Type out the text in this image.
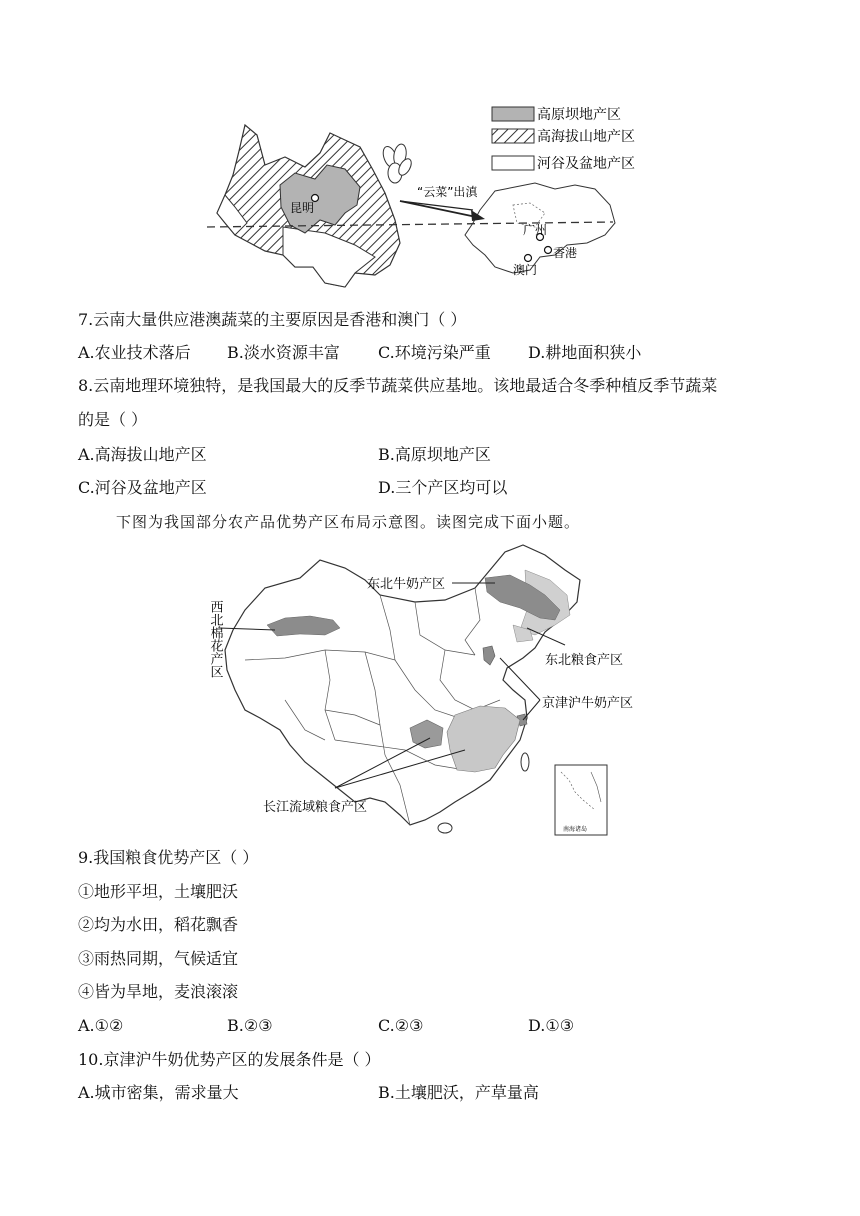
昆明
广州
香港
澳门
“云菜”出滇
高原坝地产区
高海拔山地产区
河谷及盆地产区
7.云南大量供应港澳蔬菜的主要原因是香港和澳门（ ）
A.农业技术落后 B.淡水资源丰富 C.环境污染严重 D.耕地面积狭小
8.云南地理环境独特，是我国最大的反季节蔬菜供应基地。该地最适合冬季种植反季节蔬菜
的是（ ）
A.高海拔山地产区	B.高原坝地产区
C.河谷及盆地产区	D.三个产区均可以
下图为我国部分农产品优势产区布局示意图。读图完成下面小题。
东北牛奶产区
东北粮食产区
京津沪牛奶产区
长江流域粮食产区
西北棉花产区
南海诸岛
9.我国粮食优势产区（ ）
①地形平坦，土壤肥沃
②均为水田，稻花飘香
③雨热同期，气候适宜
④皆为旱地，麦浪滚滚
A.①②	B.②③	C.②③	D.①③
10.京津沪牛奶优势产区的发展条件是（ ）
A.城市密集，需求量大	B.土壤肥沃，产草量高
